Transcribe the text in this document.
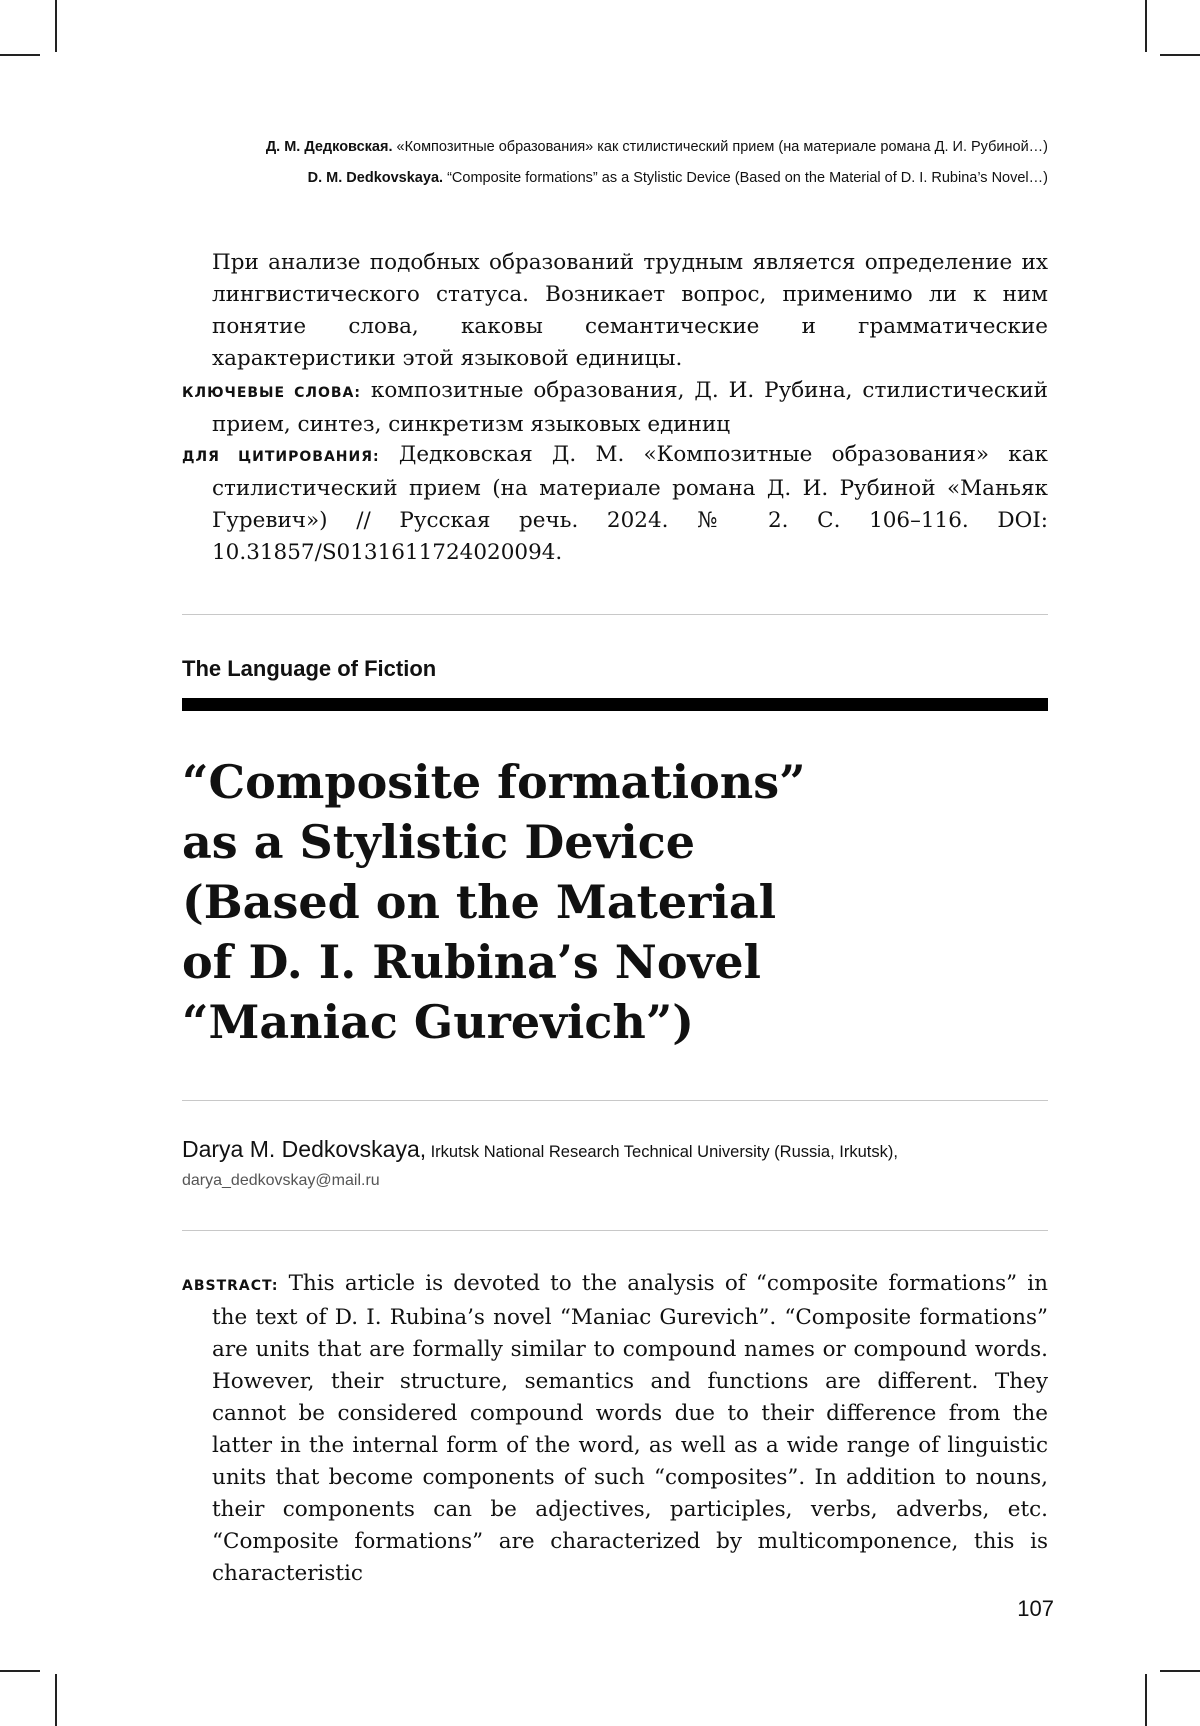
Д. М. Дедковская. «Композитные образования» как стилистический прием (на материале романа Д. И. Рубиной…)
D. M. Dedkovskaya. “Composite formations” as a Stylistic Device (Based on the Material of D. I. Rubina’s Novel…)

При анализе подобных образований трудным является определение их лингвистического статуса. Возникает вопрос, применимо ли к ним понятие слова, каковы семантические и грамматические характеристики этой языковой единицы.

КЛЮЧЕВЫЕ СЛОВА: композитные образования, Д. И. Рубина, стилистический прием, синтез, синкретизм языковых единиц

ДЛЯ ЦИТИРОВАНИЯ: Дедковская Д. М. «Композитные образования» как стилистический прием (на материале романа Д. И. Рубиной «Маньяк Гуревич») // Русская речь. 2024. № 2. С. 106–116. DOI: 10.31857/S0131611724020094.

The Language of Fiction
“Composite formations”
as a Stylistic Device
(Based on the Material
of D. I. Rubina’s Novel
“Maniac Gurevich”)
Darya M. Dedkovskaya, Irkutsk National Research Technical University (Russia, Irkutsk),
darya_dedkovskay@mail.ru

ABSTRACT: This article is devoted to the analysis of “composite formations” in the text of D. I. Rubina’s novel “Maniac Gurevich”. “Composite formations” are units that are formally similar to compound names or compound words. However, their structure, semantics and functions are different. They cannot be considered compound words due to their difference from the latter in the internal form of the word, as well as a wide range of linguistic units that become components of such “composites”. In addition to nouns, their components can be adjectives, participles, verbs, adverbs, etc. “Composite formations” are characterized by multicomponence, this is characteristic

107
